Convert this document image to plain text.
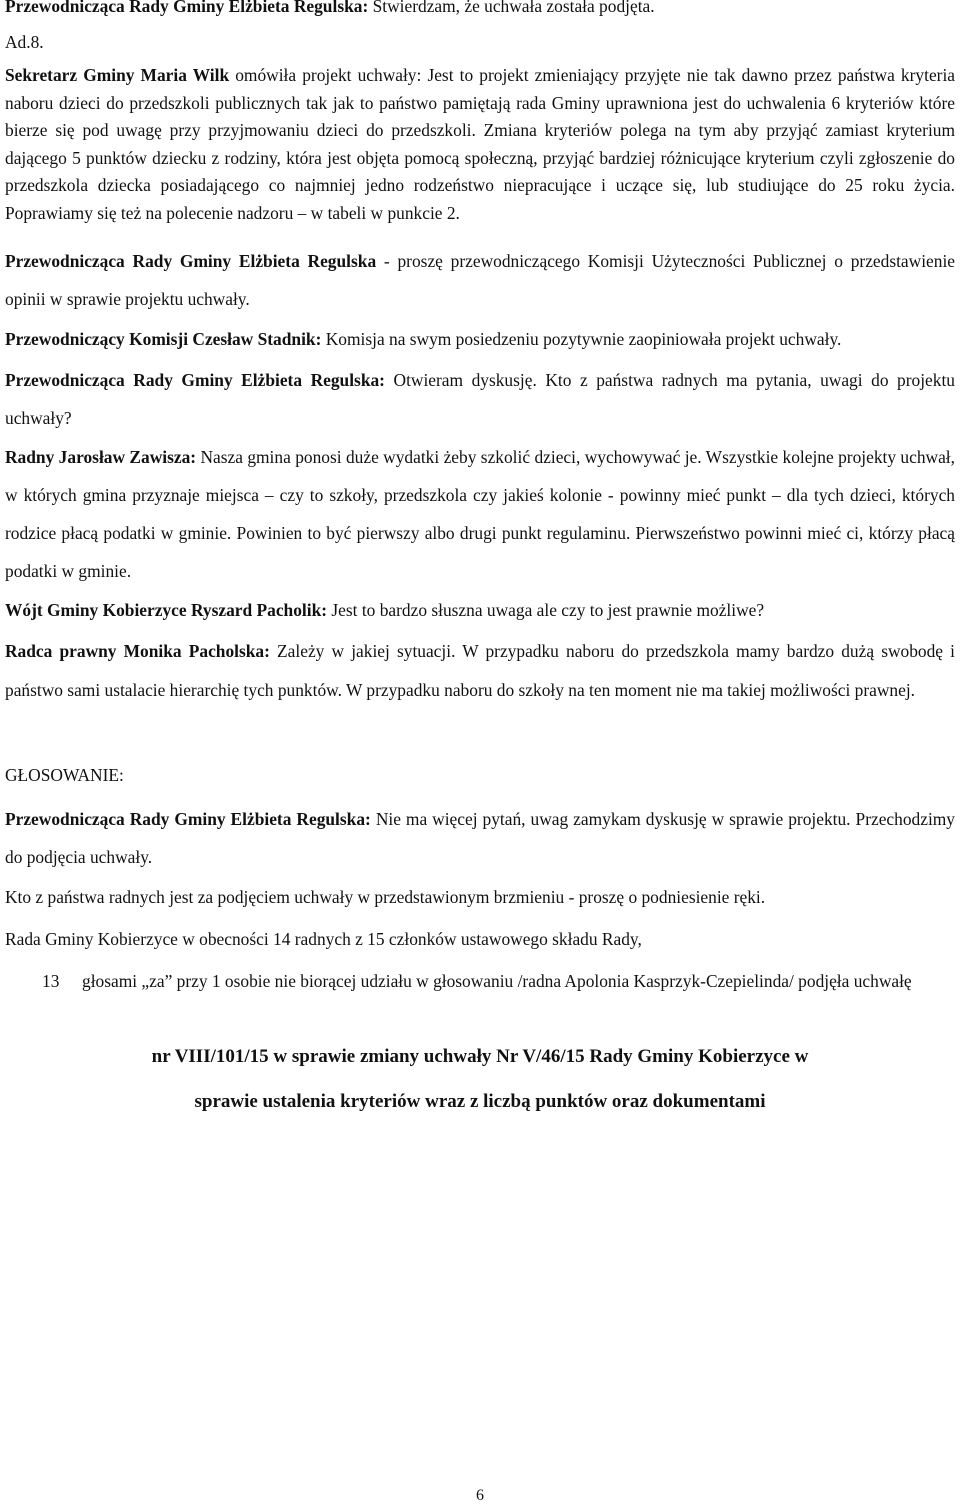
Przewodnicząca Rady Gminy Elżbieta Regulska: Stwierdzam, że uchwała została podjęta.

Ad.8.

Sekretarz Gminy Maria Wilk omówiła projekt uchwały: Jest to projekt zmieniający przyjęte nie tak dawno przez państwa kryteria naboru dzieci do przedszkoli publicznych tak jak to państwo pamiętają rada Gminy uprawniona jest do uchwalenia 6 kryteriów które bierze się pod uwagę przy przyjmowaniu dzieci do przedszkoli. Zmiana kryteriów polega na tym aby przyjąć zamiast kryterium dającego 5 punktów dziecku z rodziny, która jest objęta pomocą społeczną, przyjąć bardziej różnicujące kryterium czyli zgłoszenie do przedszkola dziecka posiadającego co najmniej jedno rodzeństwo niepracujące i uczące się, lub studiujące do 25 roku życia. Poprawiamy się też na polecenie nadzoru – w tabeli w punkcie 2.

Przewodnicząca Rady Gminy Elżbieta Regulska - proszę przewodniczącego Komisji Użyteczności Publicznej o przedstawienie opinii w sprawie projektu uchwały.

Przewodniczący Komisji Czesław Stadnik: Komisja na swym posiedzeniu pozytywnie zaopiniowała projekt uchwały.

Przewodnicząca Rady Gminy Elżbieta Regulska: Otwieram dyskusję. Kto z państwa radnych ma pytania, uwagi do projektu uchwały?

Radny Jarosław Zawisza: Nasza gmina ponosi duże wydatki żeby szkolić dzieci, wychowywać je. Wszystkie kolejne projekty uchwał, w których gmina przyznaje miejsca – czy to szkoły, przedszkola czy jakieś kolonie - powinny mieć punkt – dla tych dzieci, których rodzice płacą podatki w gminie. Powinien to być pierwszy albo drugi punkt regulaminu. Pierwszeństwo powinni mieć ci, którzy płacą podatki w gminie.

Wójt Gminy Kobierzyce Ryszard Pacholik: Jest to bardzo słuszna uwaga ale czy to jest prawnie możliwe?

Radca prawny Monika Pacholska: Zależy w jakiej sytuacji. W przypadku naboru do przedszkola mamy bardzo dużą swobodę i państwo sami ustalacie hierarchię tych punktów. W przypadku naboru do szkoły na ten moment nie ma takiej możliwości prawnej.

GŁOSOWANIE:

Przewodnicząca Rady Gminy Elżbieta Regulska: Nie ma więcej pytań, uwag zamykam dyskusję w sprawie projektu. Przechodzimy do podjęcia uchwały.

Kto z państwa radnych jest za podjęciem uchwały w przedstawionym brzmieniu - proszę o podniesienie ręki.

Rada Gminy Kobierzyce w obecności 14 radnych z 15 członków ustawowego składu Rady,

13	głosami „za” przy 1 osobie nie biorącej udziału w głosowaniu /radna Apolonia Kasprzyk-Czepielinda/ podjęła uchwałę

nr VIII/101/15 w sprawie zmiany uchwały Nr V/46/15 Rady Gminy Kobierzyce w

sprawie ustalenia kryteriów wraz z liczbą punktów oraz dokumentami

6
